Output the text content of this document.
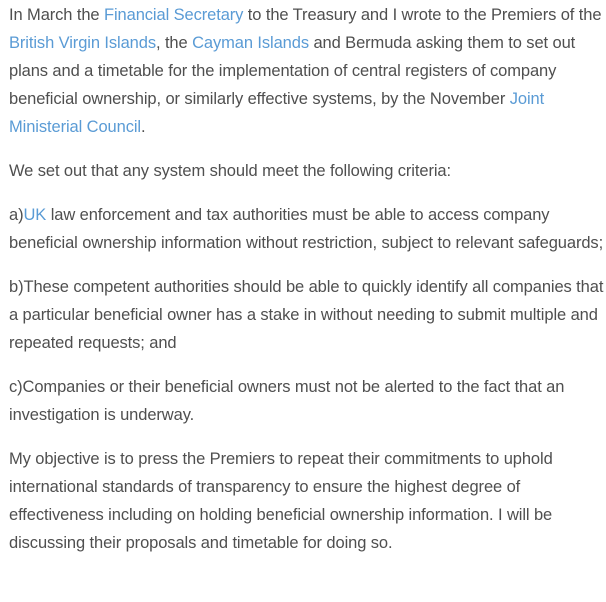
In March the Financial Secretary to the Treasury and I wrote to the Premiers of the British Virgin Islands, the Cayman Islands and Bermuda asking them to set out plans and a timetable for the implementation of central registers of company beneficial ownership, or similarly effective systems, by the November Joint Ministerial Council.

We set out that any system should meet the following criteria:

a)UK law enforcement and tax authorities must be able to access company beneficial ownership information without restriction, subject to relevant safeguards;

b)These competent authorities should be able to quickly identify all companies that a particular beneficial owner has a stake in without needing to submit multiple and repeated requests; and

c)Companies or their beneficial owners must not be alerted to the fact that an investigation is underway.

My objective is to press the Premiers to repeat their commitments to uphold international standards of transparency to ensure the highest degree of effectiveness including on holding beneficial ownership information. I will be discussing their proposals and timetable for doing so.
